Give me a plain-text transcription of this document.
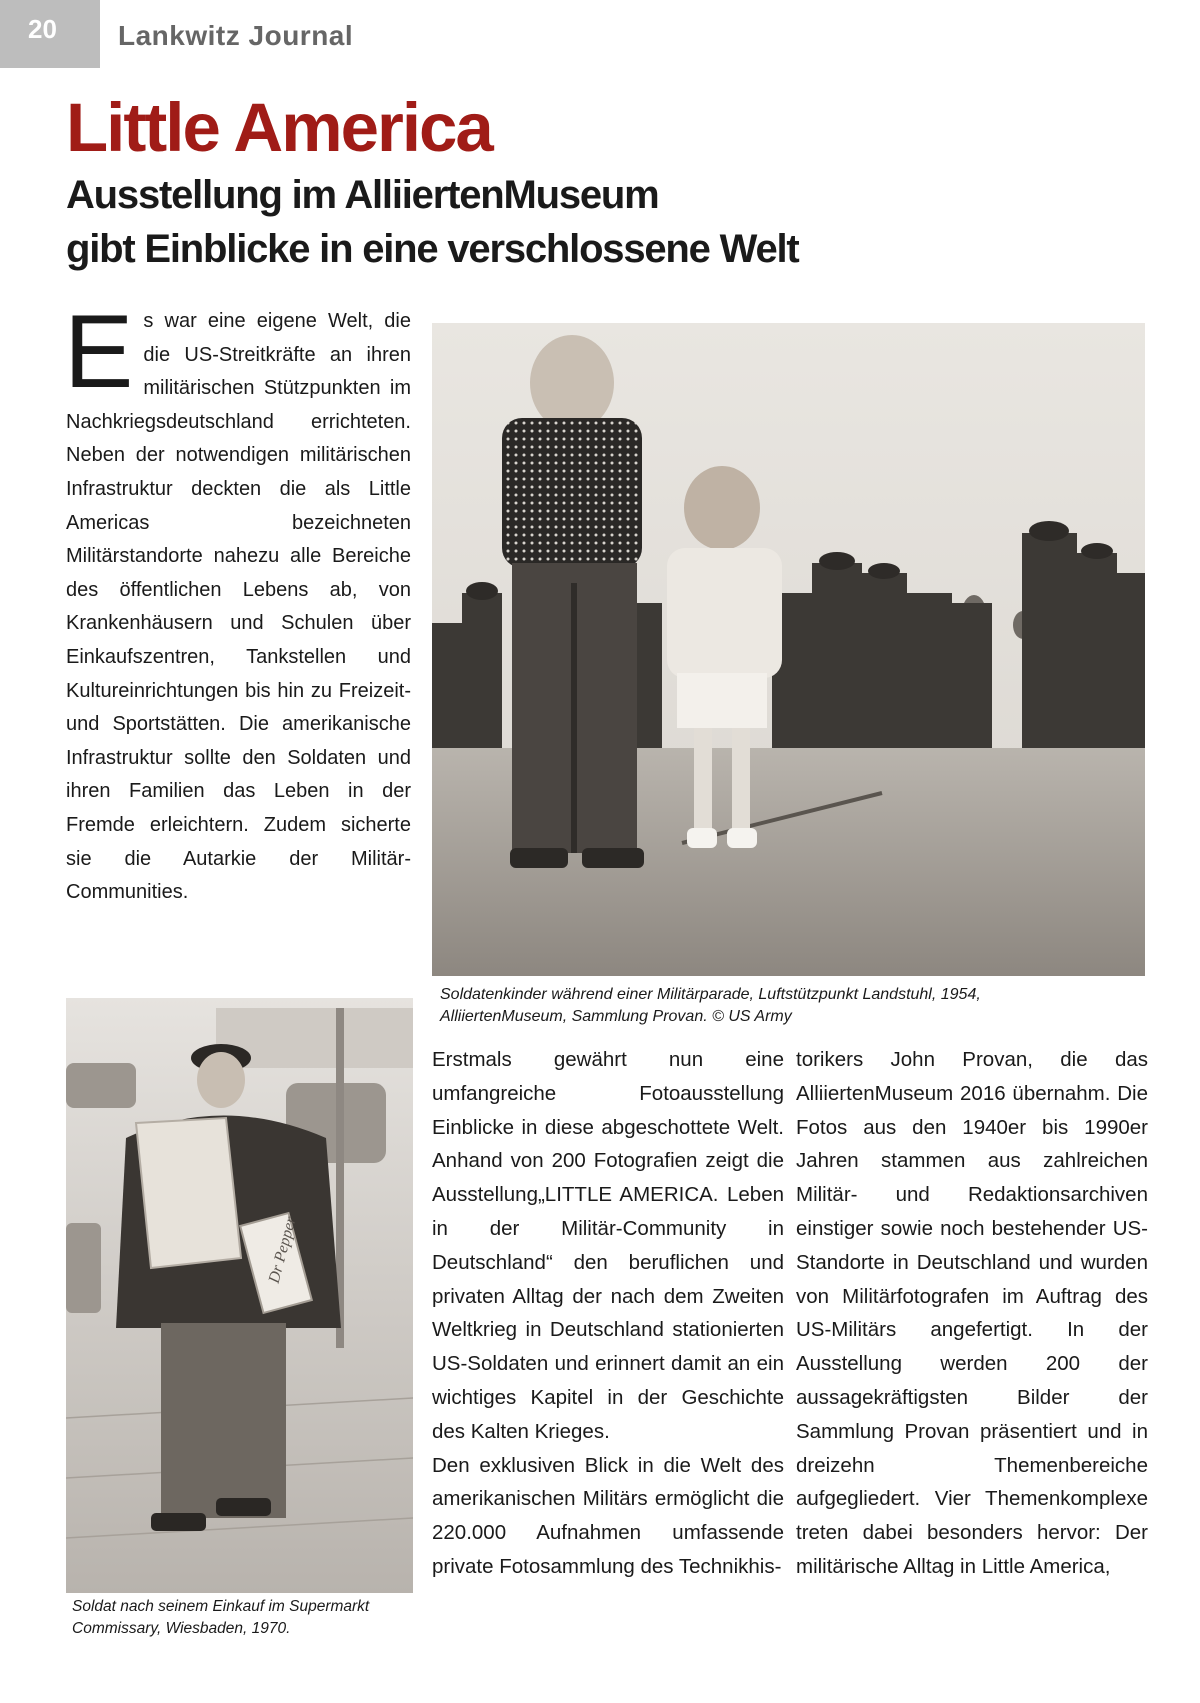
20	Lankwitz Journal
Little America
Ausstellung im AlliiertenMuseum
gibt Einblicke in eine verschlossene Welt
Es war eine eigene Welt, die die US-Streitkräfte an ihren militärischen Stützpunkten im Nachkriegsdeutschland errichteten. Neben der notwendigen militärischen Infrastruktur deckten die als Little Americas bezeichneten Militärstandorte nahezu alle Bereiche des öffentlichen Lebens ab, von Krankenhäusern und Schulen über Einkaufszentren, Tankstellen und Kultureinrichtungen bis hin zu Freizeit- und Sportstätten. Die amerikanische Infrastruktur sollte den Soldaten und ihren Familien das Leben in der Fremde erleichtern. Zudem sicherte sie die Autarkie der Militär-Communities.
Soldatenkinder während einer Militärparade, Luftstützpunkt Landstuhl, 1954,
AlliiertenMuseum, Sammlung Provan. © US Army
Dr Pepper
Soldat nach seinem Einkauf im Supermarkt
Commissary, Wiesbaden, 1970.

Erstmals gewährt nun eine umfangreiche Fotoausstellung Einblicke in diese abgeschottete Welt. Anhand von 200 Fotografien zeigt die Ausstellung„LITTLE AMERICA. Leben in der Militär-Community in Deutschland“ den beruflichen und privaten Alltag der nach dem Zweiten Weltkrieg in Deutschland stationierten US-Soldaten und erinnert damit an ein wichtiges Kapitel in der Geschichte des Kalten Krieges.

Den exklusiven Blick in die Welt des amerikanischen Militärs ermöglicht die 220.000 Aufnahmen umfassende private Fotosammlung des Technikhis-

torikers John Provan, die das AlliiertenMuseum 2016 übernahm. Die Fotos aus den 1940er bis 1990er Jahren stammen aus zahlreichen Militär- und Redaktionsarchiven einstiger sowie noch bestehender US-Standorte in Deutschland und wurden von Militärfotografen im Auftrag des US-Militärs angefertigt. In der Ausstellung werden 200 der aussagekräftigsten Bilder der Sammlung Provan präsentiert und in dreizehn Themenbereiche aufgegliedert. Vier Themenkomplexe treten dabei besonders hervor: Der militärische Alltag in Little America,
